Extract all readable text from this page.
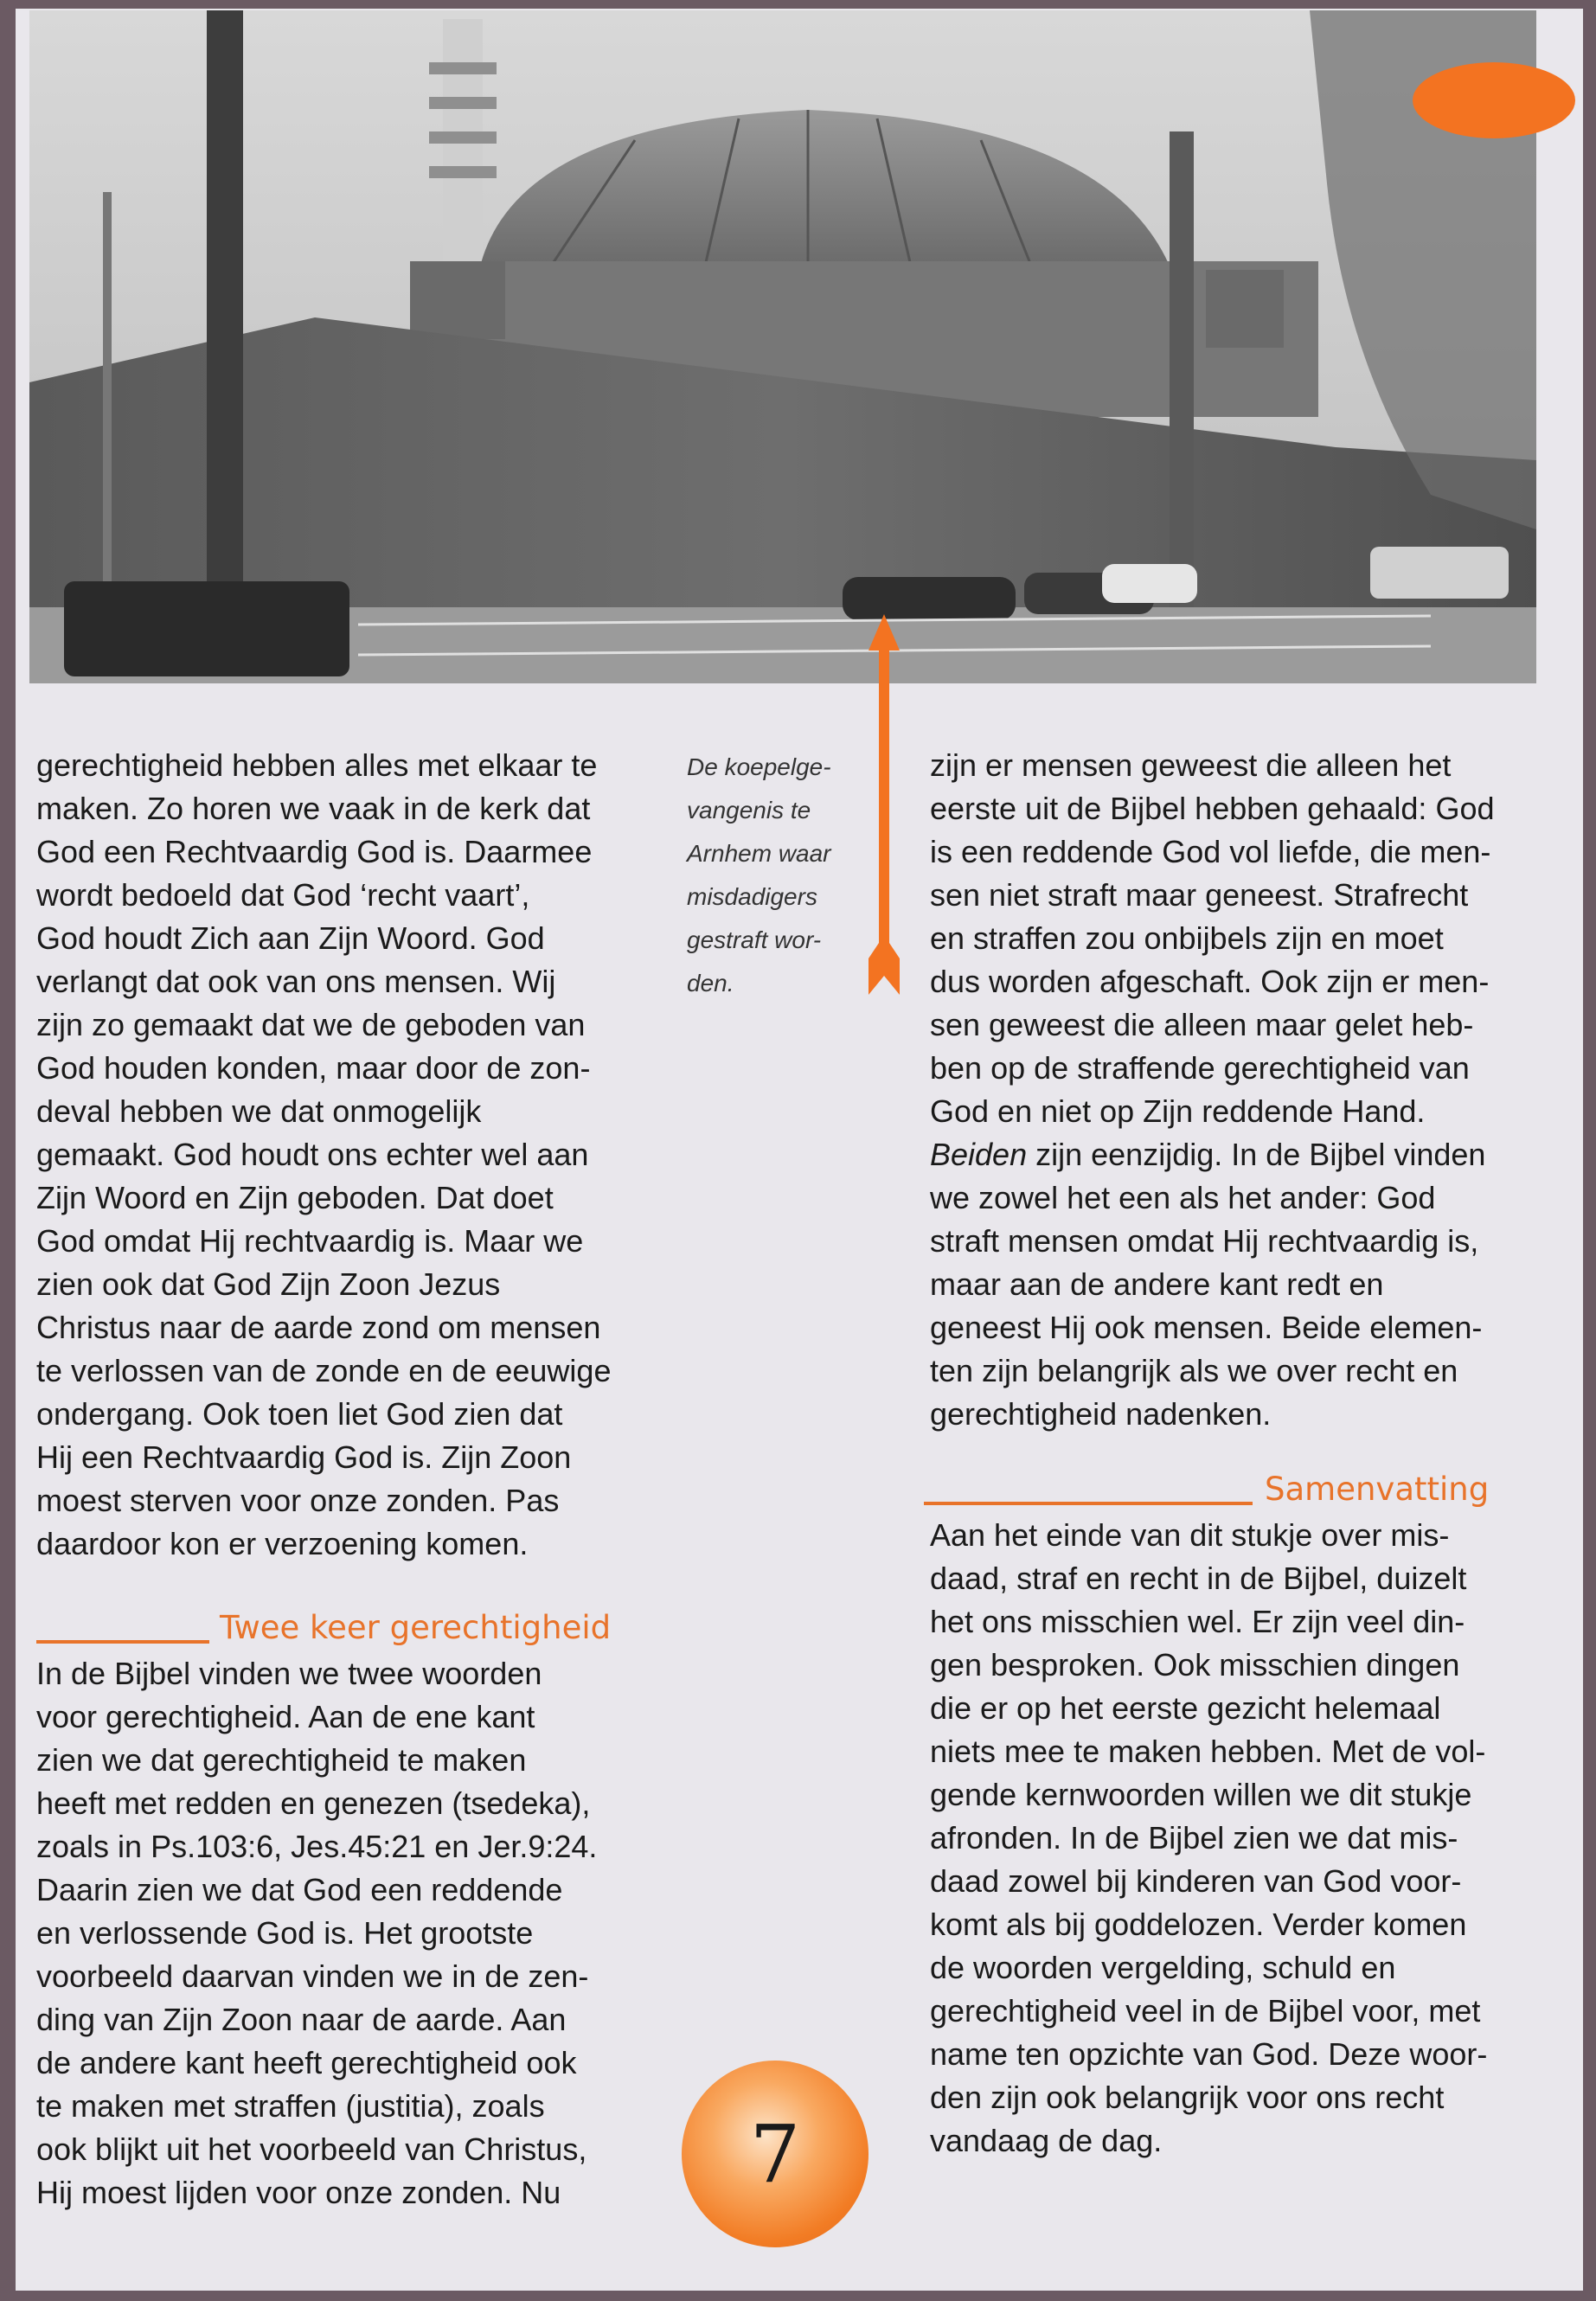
De koepelge-
vangenis te
Arnhem waar
misdadigers
gestraft wor-
den.
gerechtigheid hebben alles met elkaar te
maken. Zo horen we vaak in de kerk dat
God een Rechtvaardig God is. Daarmee
wordt bedoeld dat God ‘recht vaart’,
God houdt Zich aan Zijn Woord. God
verlangt dat ook van ons mensen. Wij
zijn zo gemaakt dat we de geboden van
God houden konden, maar door de zon-
deval hebben we dat onmogelijk
gemaakt. God houdt ons echter wel aan
Zijn Woord en Zijn geboden. Dat doet
God omdat Hij rechtvaardig is. Maar we
zien ook dat God Zijn Zoon Jezus
Christus naar de aarde zond om mensen
te verlossen van de zonde en de eeuwige
ondergang. Ook toen liet God zien dat
Hij een Rechtvaardig God is. Zijn Zoon
moest sterven voor onze zonden. Pas
daardoor kon er verzoening komen.
Twee keer gerechtigheid
In de Bijbel vinden we twee woorden
voor gerechtigheid. Aan de ene kant
zien we dat gerechtigheid te maken
heeft met redden en genezen (tsedeka),
zoals in Ps.103:6, Jes.45:21 en Jer.9:24.
Daarin zien we dat God een reddende
en verlossende God is. Het grootste
voorbeeld daarvan vinden we in de zen-
ding van Zijn Zoon naar de aarde. Aan
de andere kant heeft gerechtigheid ook
te maken met straffen (justitia), zoals
ook blijkt uit het voorbeeld van Christus,
Hij moest lijden voor onze zonden. Nu
zijn er mensen geweest die alleen het
eerste uit de Bijbel hebben gehaald: God
is een reddende God vol liefde, die men-
sen niet straft maar geneest. Strafrecht
en straffen zou onbijbels zijn en moet
dus worden afgeschaft. Ook zijn er men-
sen geweest die alleen maar gelet heb-
ben op de straffende gerechtigheid van
God en niet op Zijn reddende Hand.
Beiden zijn eenzijdig. In de Bijbel vinden
we zowel het een als het ander: God
straft mensen omdat Hij rechtvaardig is,
maar aan de andere kant redt en
geneest Hij ook mensen. Beide elemen-
ten zijn belangrijk als we over recht en
gerechtigheid nadenken.
Samenvatting
Aan het einde van dit stukje over mis-
daad, straf en recht in de Bijbel, duizelt
het ons misschien wel. Er zijn veel din-
gen besproken. Ook misschien dingen
die er op het eerste gezicht helemaal
niets mee te maken hebben. Met de vol-
gende kernwoorden willen we dit stukje
afronden. In de Bijbel zien we dat mis-
daad zowel bij kinderen van God voor-
komt als bij goddelozen. Verder komen
de woorden vergelding, schuld en
gerechtigheid veel in de Bijbel voor, met
name ten opzichte van God. Deze woor-
den zijn ook belangrijk voor ons recht
vandaag de dag.
7
